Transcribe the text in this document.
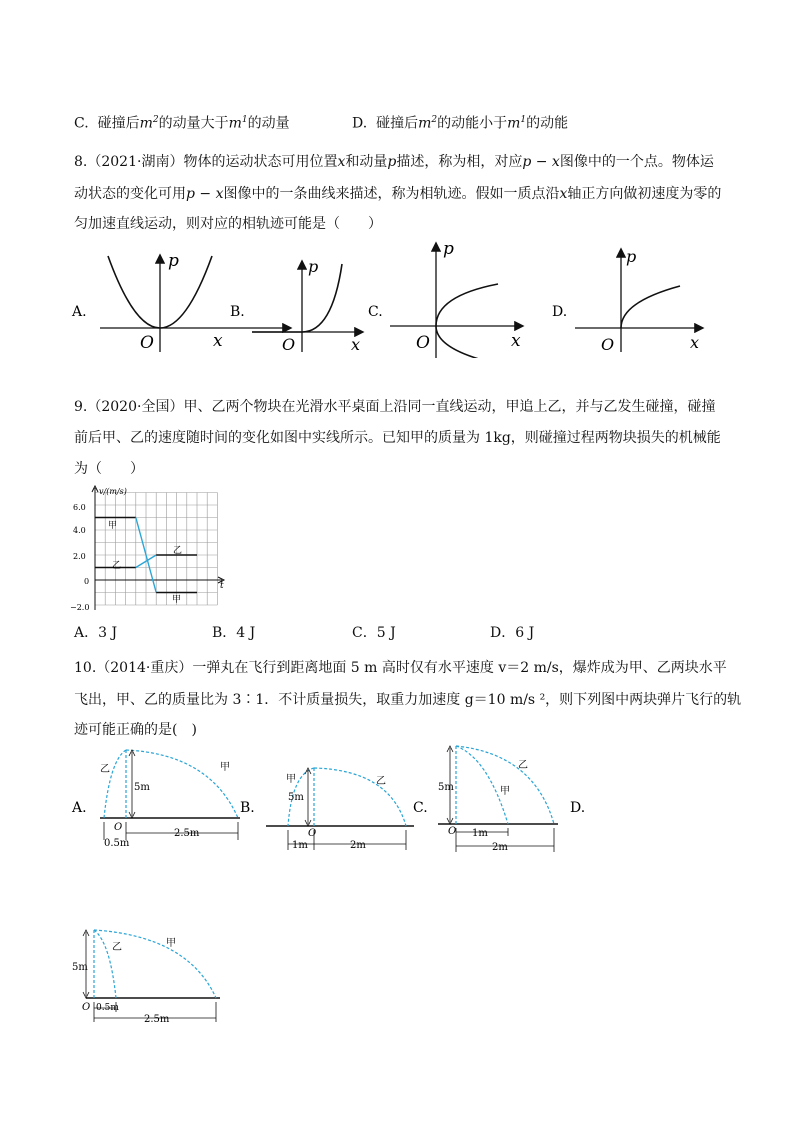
C. 碰撞后$m^2$的动量大于$m^1$的动量	D. 碰撞后$m^2$的动能小于$m^1$的动能
8.（2021·湖南）物体的运动状态可用位置x和动量p描述，称为相，对应p − x图像中的一个点。物体运
动状态的变化可用p − x图像中的一条曲线来描述，称为相轨迹。假如一质点沿x轴正方向做初速度为零的
匀加速直线运动，则对应的相轨迹可能是（　　）
A.
p
x
O
B.
p
x
O
C.
p
x
O
D.
p
x
O
9.（2020·全国）甲、乙两个物块在光滑水平桌面上沿同一直线运动，甲追上乙，并与乙发生碰撞，碰撞
前后甲、乙的速度随时间的变化如图中实线所示。已知甲的质量为 1kg，则碰撞过程两物块损失的机械能
为（　　）
v/(m/s)
t
6.0
4.0
2.0
0
−2.0
甲
乙
乙
甲
A．3 J	B．4 J	C．5 J	D．6 J
10.（2014·重庆）一弹丸在飞行到距离地面 5 m 高时仅有水平速度 v＝2 m/s，爆炸成为甲、乙两块水平
飞出，甲、乙的质量比为 3∶1．不计质量损失，取重力加速度 g＝10 m/s ²，则下列图中两块弹片飞行的轨
迹可能正确的是(　)
A.
5m
乙	甲
O
0.5m
2.5m
B.
5m
甲	乙
O
1m	2m
C.
5m	甲
乙
O 1m
2m
D.
5m
乙	甲
O 0.5m
2.5m
